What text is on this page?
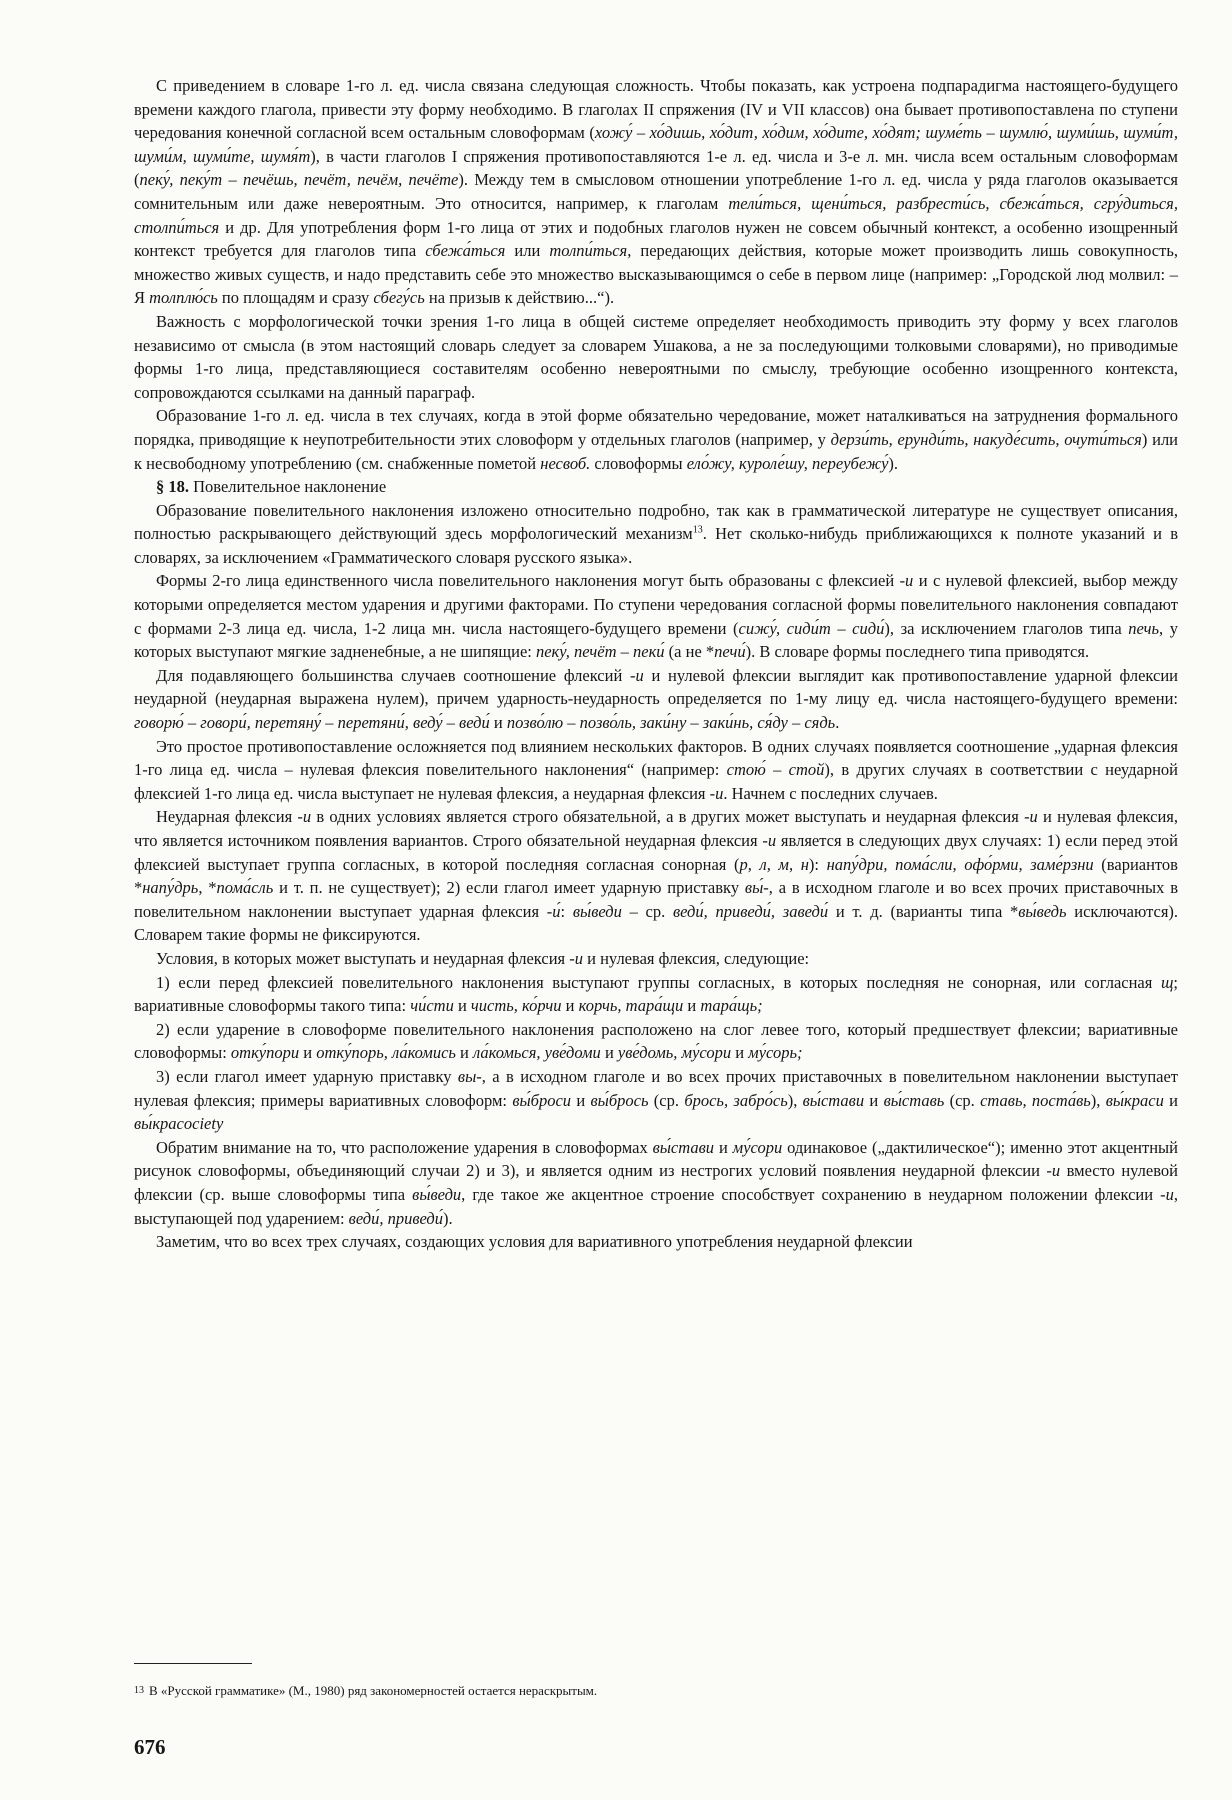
С приведением в словаре 1-го л. ед. числа связана следующая сложность. Чтобы показать, как устроена подпарадигма настоящего-будущего времени каждого глагола, привести эту форму необходимо. В глаголах II спряжения (IV и VII классов) она бывает противопоставлена по ступени чередования конечной согласной всем остальным словоформам (хожу́ – хо́дишь, хо́дит, хо́дим, хо́дите, хо́дят; шуме́ть – шумлю́, шуми́шь, шуми́т, шуми́м, шуми́те, шумя́т), в части глаголов I спряжения противопоставляются 1-е л. ед. числа и 3-е л. мн. числа всем остальным словоформам (пеку́, пеку́т – печёшь, печёт, печём, печёте). Между тем в смысловом отношении употребление 1-го л. ед. числа у ряда глаголов оказывается сомнительным или даже невероятным. Это относится, например, к глаголам тели́ться, щени́ться, разбрести́сь, сбежа́ться, сгру́диться, столпи́ться и др. Для употребления форм 1-го лица от этих и подобных глаголов нужен не совсем обычный контекст, а особенно изощренный контекст требуется для глаголов типа сбежа́ться или толпи́ться, передающих действия, которые может производить лишь совокупность, множество живых существ, и надо представить себе это множество высказывающимся о себе в первом лице (например: „Городской люд молвил: – Я толплю́сь по площадям и сразу сбегу́сь на призыв к действию...“).

Важность с морфологической точки зрения 1-го лица в общей системе определяет необходимость приводить эту форму у всех глаголов независимо от смысла (в этом настоящий словарь следует за словарем Ушакова, а не за последующими толковыми словарями), но приводимые формы 1-го лица, представляющиеся составителям особенно невероятными по смыслу, требующие особенно изощренного контекста, сопровождаются ссылками на данный параграф.

Образование 1-го л. ед. числа в тех случаях, когда в этой форме обязательно чередование, может наталкиваться на затруднения формального порядка, приводящие к неупотребительности этих словоформ у отдельных глаголов (например, у дерзи́ть, ерунди́ть, накуде́сить, очути́ться) или к несвободному употреблению (см. снабженные пометой несвоб. словоформы ело́жу, куроле́шу, переубежу́).

§ 18. Повелительное наклонение

Образование повелительного наклонения изложено относительно подробно, так как в грамматической литературе не существует описания, полностью раскрывающего действующий здесь морфологический механизм$^{13}$. Нет сколько-нибудь приближающихся к полноте указаний и в словарях, за исключением «Грамматического словаря русского языка».

Формы 2-го лица единственного числа повелительного наклонения могут быть образованы с флексией -и и с нулевой флексией, выбор между которыми определяется местом ударения и другими факторами. По ступени чередования согласной формы повелительного наклонения совпадают с формами 2-3 лица ед. числа, 1-2 лица мн. числа настоящего-будущего времени (сижу́, сиди́т – сиди́), за исключением глаголов типа печь, у которых выступают мягкие задненебные, а не шипящие: пеку́, печёт – пеки́ (а не *печи́). В словаре формы последнего типа приводятся.

Для подавляющего большинства случаев соотношение флексий -и и нулевой флексии выглядит как противопоставление ударной флексии неударной (неударная выражена нулем), причем ударность-неударность определяется по 1-му лицу ед. числа настоящего-будущего времени: говорю́ – говори́, перетяну́ – перетяни́, веду́ – веди́ и позво́лю – позво́ль, заки́ну – заки́нь, ся́ду – сядь.

Это простое противопоставление осложняется под влиянием нескольких факторов. В одних случаях появляется соотношение „ударная флексия 1-го лица ед. числа – нулевая флексия повелительного наклонения“ (например: стою́ – стой), в других случаях в соответствии с неударной флексией 1-го лица ед. числа выступает не нулевая флексия, а неударная флексия -и. Начнем с последних случаев.

Неударная флексия -и в одних условиях является строго обязательной, а в других может выступать и неударная флексия -и и нулевая флексия, что является источником появления вариантов. Строго обязательной неударная флексия -и является в следующих двух случаях: 1) если перед этой флексией выступает группа согласных, в которой последняя согласная сонорная (р, л, м, н): напу́дри, пома́сли, офо́рми, заме́рзни (вариантов *напу́дрь, *пома́сль и т. п. не существует); 2) если глагол имеет ударную приставку вы́-, а в исходном глаголе и во всех прочих приставочных в повелительном наклонении выступает ударная флексия -и́: вы́веди – ср. веди́, приведи́, заведи́ и т. д. (варианты типа *вы́ведь исключаются). Словарем такие формы не фиксируются.

Условия, в которых может выступать и неударная флексия -и и нулевая флексия, следующие:

1) если перед флексией повелительного наклонения выступают группы согласных, в которых последняя не сонорная, или согласная щ; вариативные словоформы такого типа: чи́сти и чисть, ко́рчи и корчь, тара́щи и тара́щь;

2) если ударение в словоформе повелительного наклонения расположено на слог левее того, который предшествует флексии; вариативные словоформы: отку́пори и отку́порь, ла́комись и ла́комься, уве́доми и уве́домь, му́сори и му́сорь;

3) если глагол имеет ударную приставку вы-, а в исходном глаголе и во всех прочих приставочных в повелительном наклонении выступает нулевая флексия; примеры вариативных словоформ: вы́броси и вы́брось (ср. брось, забро́сь), вы́стави и вы́ставь (ср. ставь, поста́вь), вы́краси и вы́красociety

Обратим внимание на то, что расположение ударения в словоформах вы́стави и му́сори одинаковое („дактилическое“); именно этот акцентный рисунок словоформы, объединяющий случаи 2) и 3), и является одним из нестрогих условий появления неударной флексии -и вместо нулевой флексии (ср. выше словоформы типа вы́веди, где такое же акцентное строение способствует сохранению в неударном положении флексии -и, выступающей под ударением: веди́, приведи́).

Заметим, что во всех трех случаях, создающих условия для вариативного употребления неударной флексии

$^{13}$ В «Русской грамматике» (М., 1980) ряд закономерностей остается нераскрытым.
676
